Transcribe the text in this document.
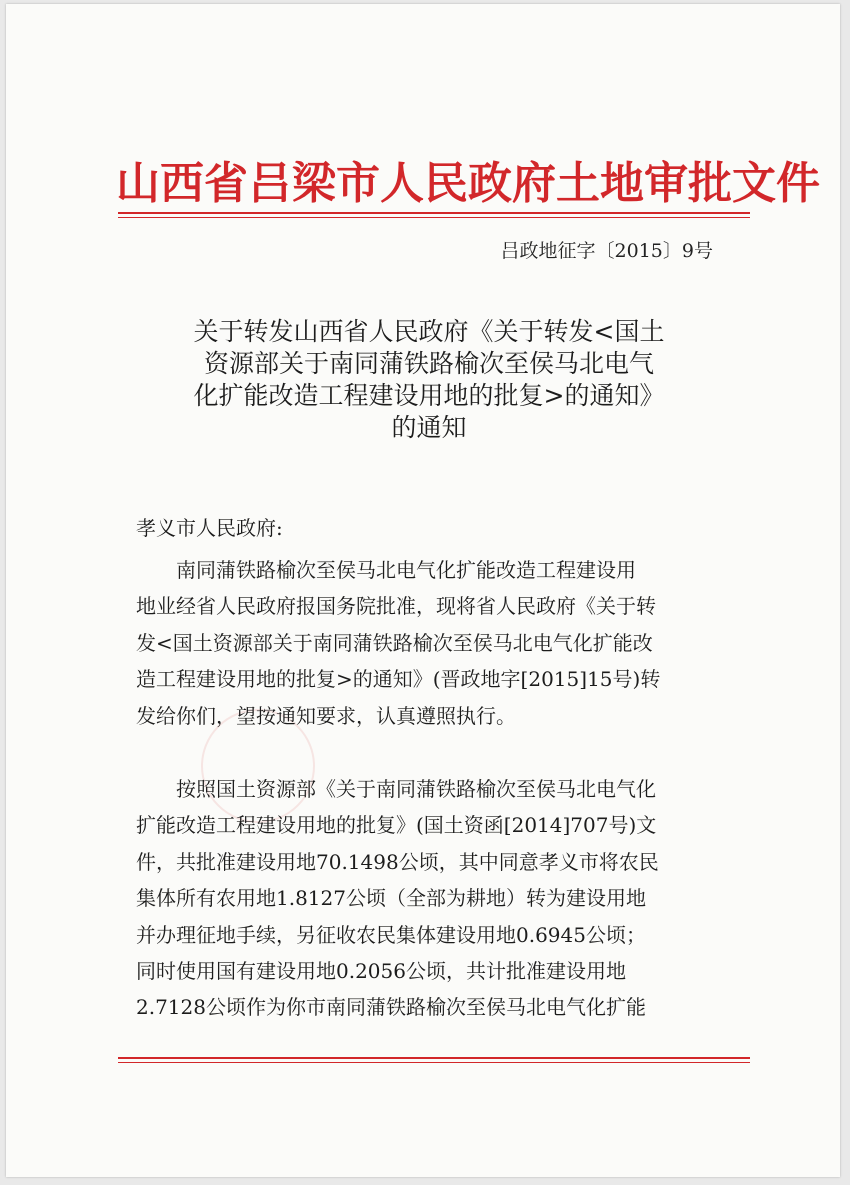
山西省吕梁市人民政府土地审批文件
吕政地征字〔2015〕9号
关于转发山西省人民政府《关于转发<国土
资源部关于南同蒲铁路榆次至侯马北电气
化扩能改造工程建设用地的批复>的通知》
的通知
孝义市人民政府:
　　南同蒲铁路榆次至侯马北电气化扩能改造工程建设用
地业经省人民政府报国务院批准，现将省人民政府《关于转
发<国土资源部关于南同蒲铁路榆次至侯马北电气化扩能改
造工程建设用地的批复>的通知》(晋政地字[2015]15号)转
发给你们，望按通知要求，认真遵照执行。
　　按照国土资源部《关于南同蒲铁路榆次至侯马北电气化
扩能改造工程建设用地的批复》(国土资函[2014]707号)文
件，共批准建设用地70.1498公顷，其中同意孝义市将农民
集体所有农用地1.8127公顷（全部为耕地）转为建设用地
并办理征地手续，另征收农民集体建设用地0.6945公顷；
同时使用国有建设用地0.2056公顷，共计批准建设用地
2.7128公顷作为你市南同蒲铁路榆次至侯马北电气化扩能
